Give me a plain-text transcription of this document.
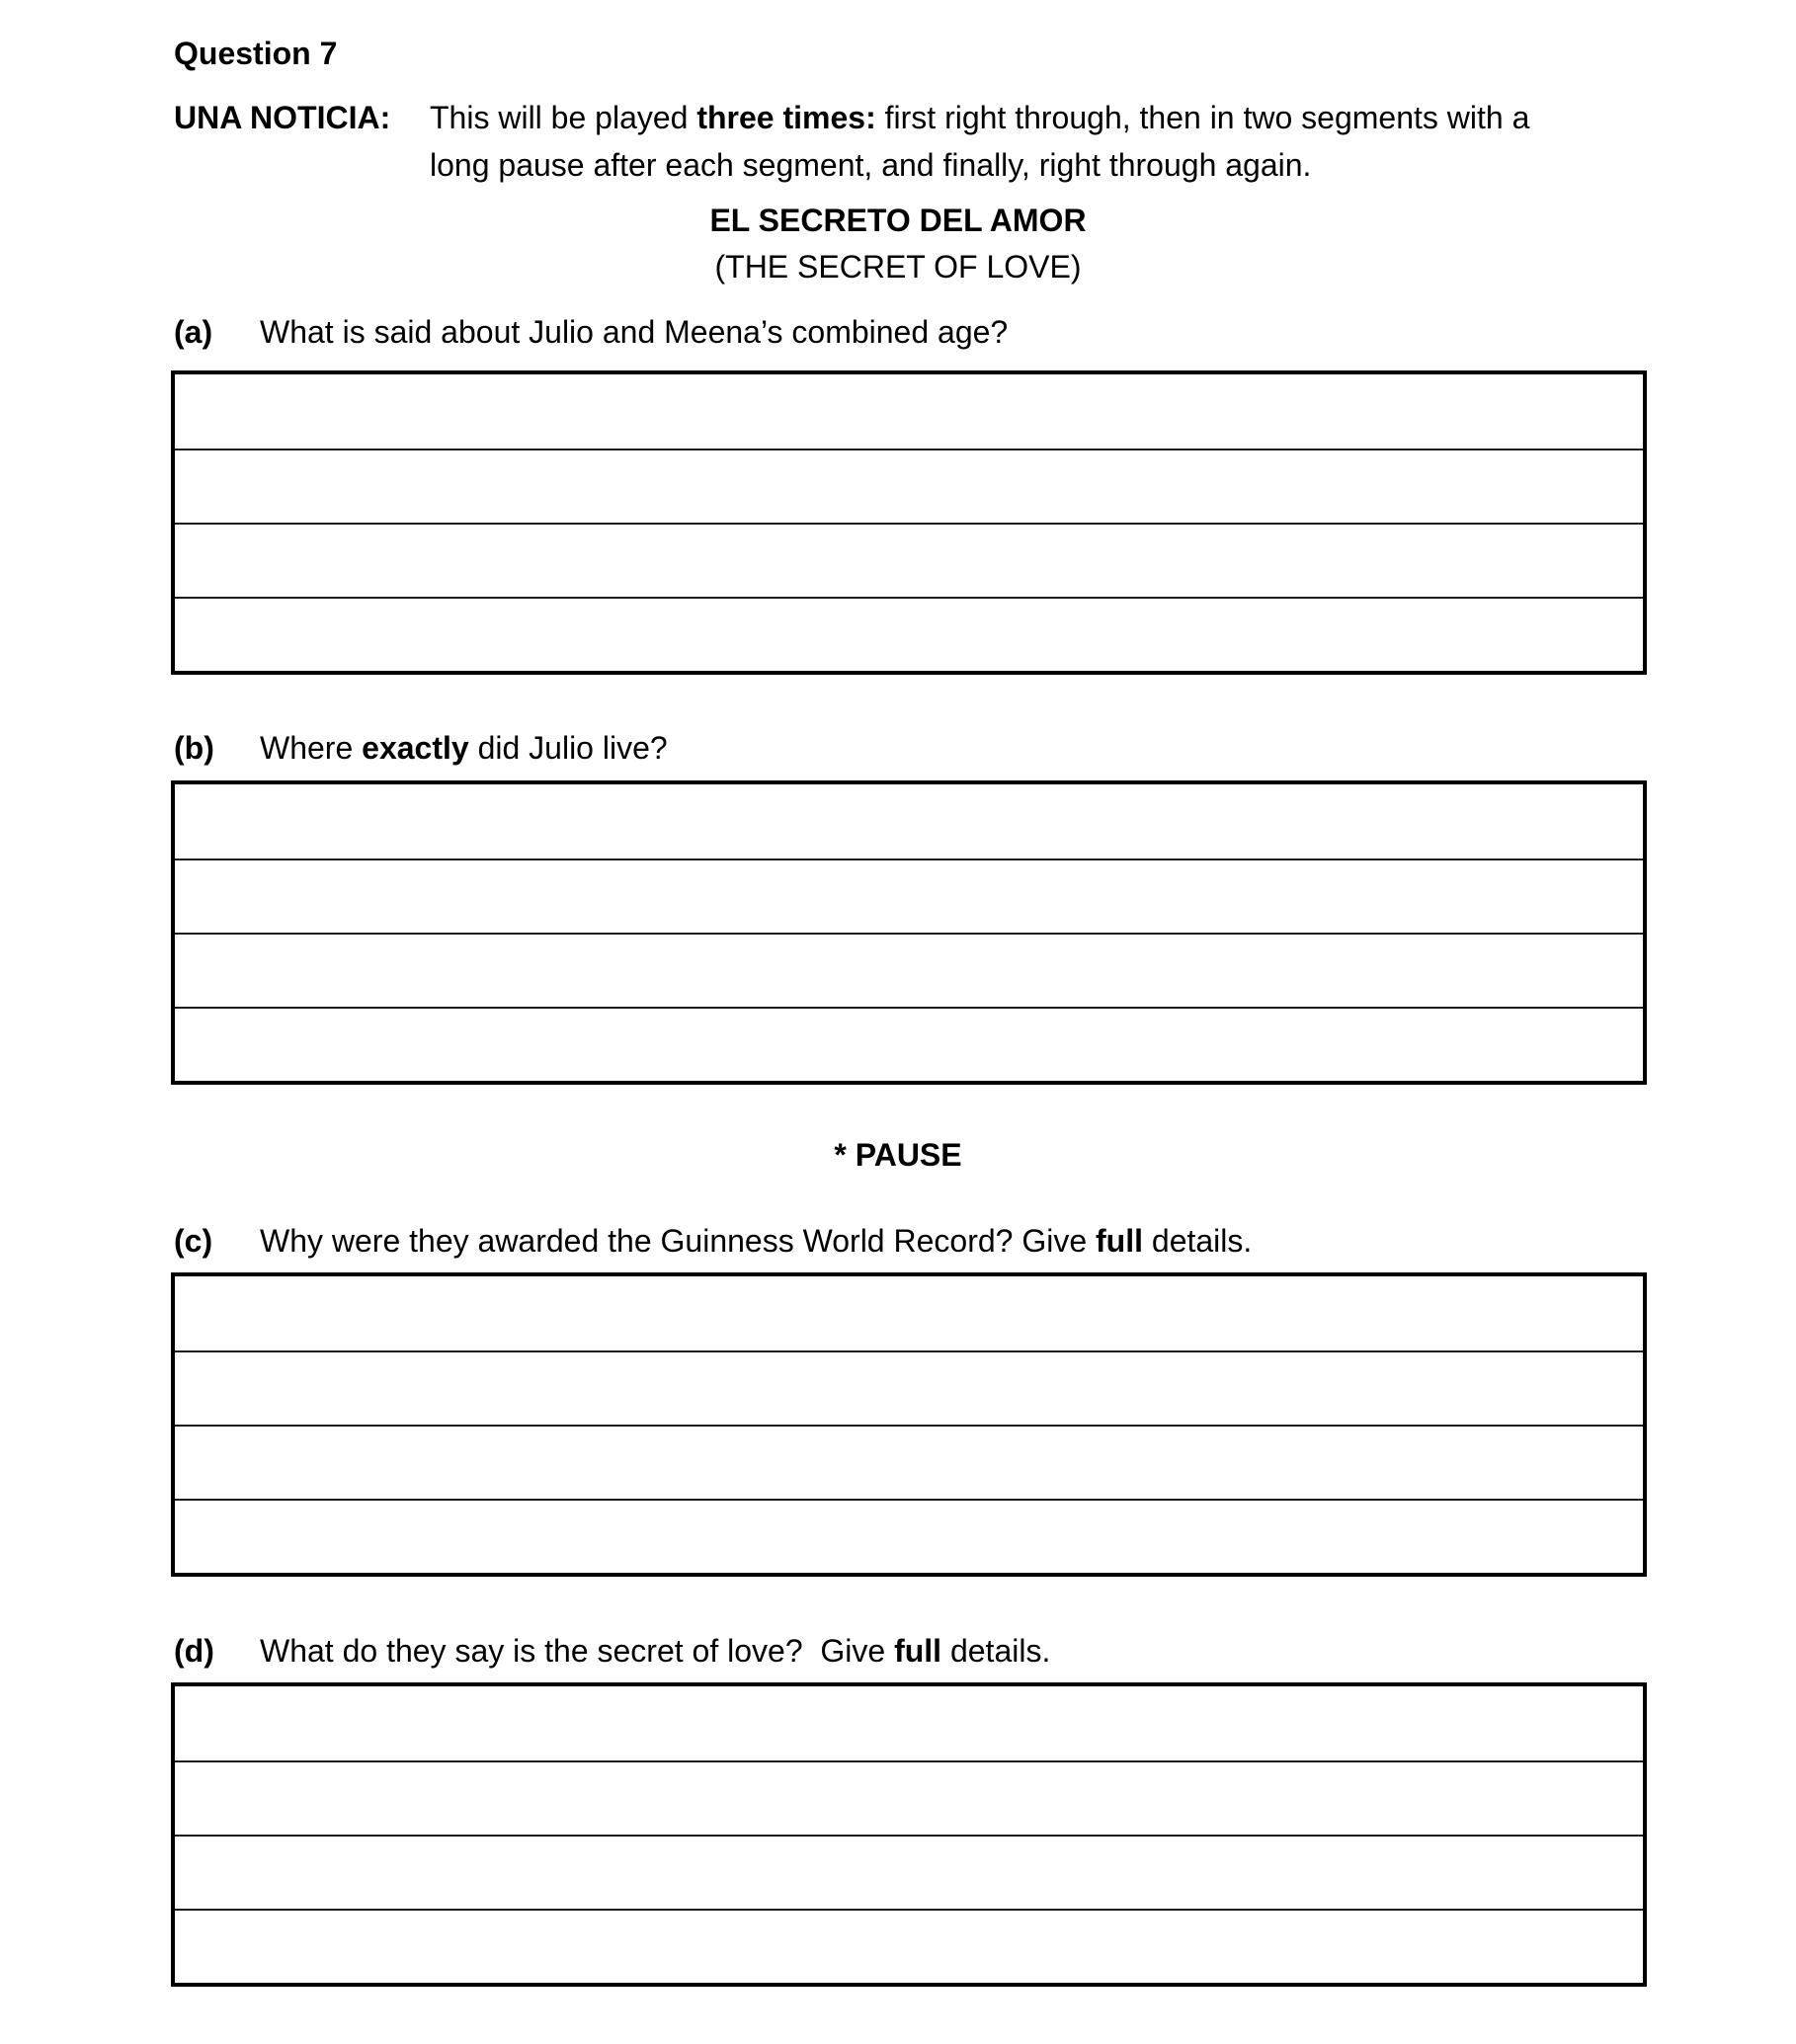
Question 7
UNA NOTICIA: This will be played three times: first right through, then in two segments with a
long pause after each segment, and finally, right through again.
EL SECRETO DEL AMOR
(THE SECRET OF LOVE)
(a)	What is said about Julio and Meena’s combined age?
(b)	Where exactly did Julio live?
* PAUSE
(c)	Why were they awarded the Guinness World Record? Give full details.
(d)	What do they say is the secret of love?  Give full details.
